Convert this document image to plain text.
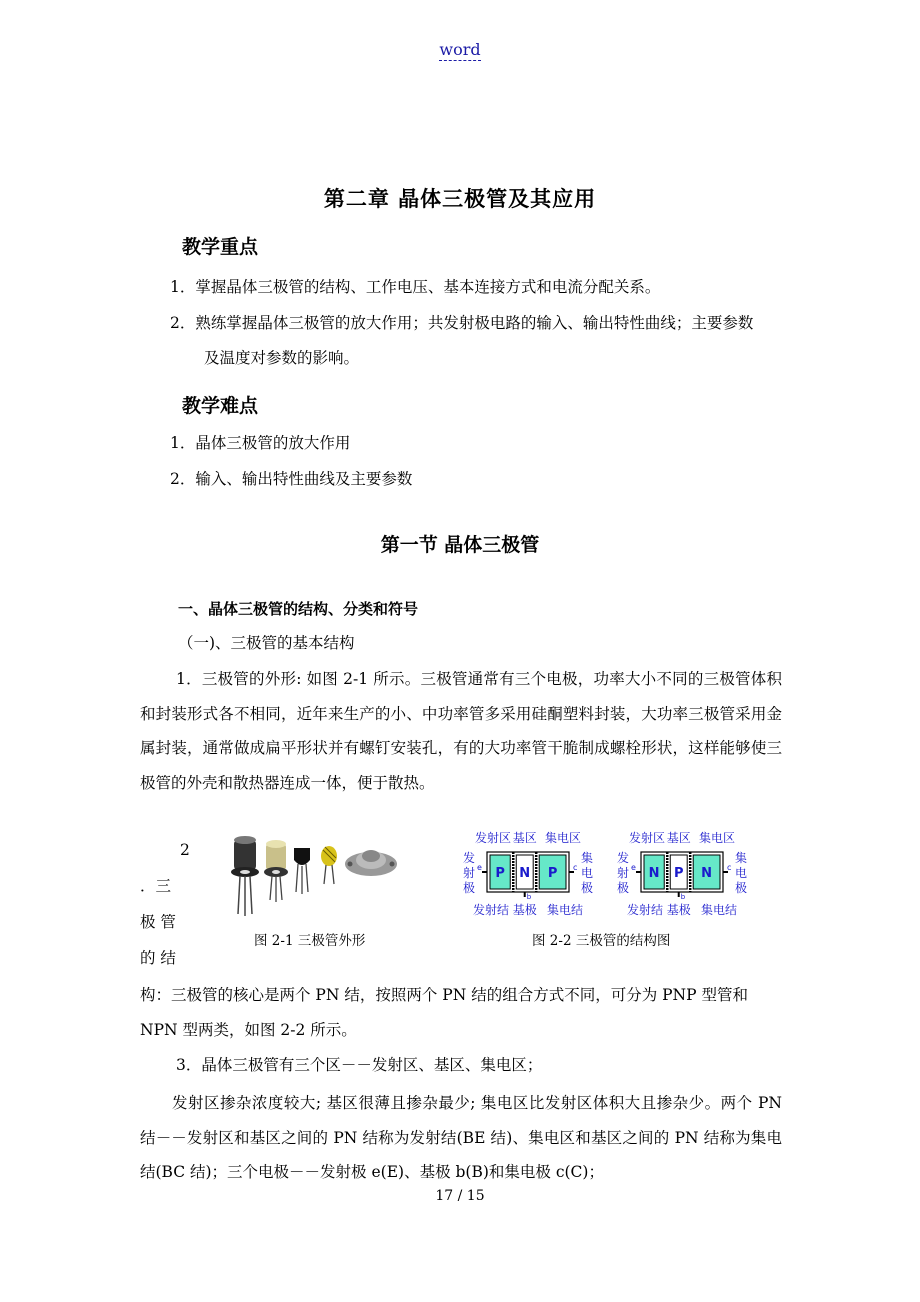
word
第二章 晶体三极管及其应用
教学重点
1．掌握晶体三极管的结构、工作电压、基本连接方式和电流分配关系。
2．熟练掌握晶体三极管的放大作用；共发射极电路的输入、输出特性曲线；主要参数
及温度对参数的影响。
教学难点
1．晶体三极管的放大作用
2．输入、输出特性曲线及主要参数
第一节 晶体三极管
一、晶体三极管的结构、分类和符号
（一)、三极管的基本结构
1．三极管的外形: 如图 2-1 所示。三极管通常有三个电极，功率大小不同的三极管体积和封装形式各不相同，近年来生产的小、中功率管多采用硅酮塑料封装，大功率三极管采用金属封装，通常做成扁平形状并有螺钉安装孔，有的大功率管干脆制成螺栓形状，这样能够使三极管的外壳和散热器连成一体，便于散热。
2
．三
极 管
的 结
图 2-1 三极管外形
P N P
e	c
b
发射区 基区 集电区
发
射
极
集
电
极
发射结 基极 集电结
N P N
e	c
b
发射区 基区 集电区
发
射
极
集
电
极
发射结 基极 集电结
图 2-2 三极管的结构图
构：三极管的核心是两个 PN 结，按照两个 PN 结的组合方式不同，可分为 PNP 型管和
NPN 型两类，如图 2-2 所示。
3．晶体三极管有三个区－－发射区、基区、集电区；
发射区掺杂浓度较大; 基区很薄且掺杂最少; 集电区比发射区体积大且掺杂少。两个 PN 结－－发射区和基区之间的 PN 结称为发射结(BE 结)、集电区和基区之间的 PN 结称为集电结(BC 结)；三个电极－－发射极 e(E)、基极 b(B)和集电极 c(C)；
17 / 15
